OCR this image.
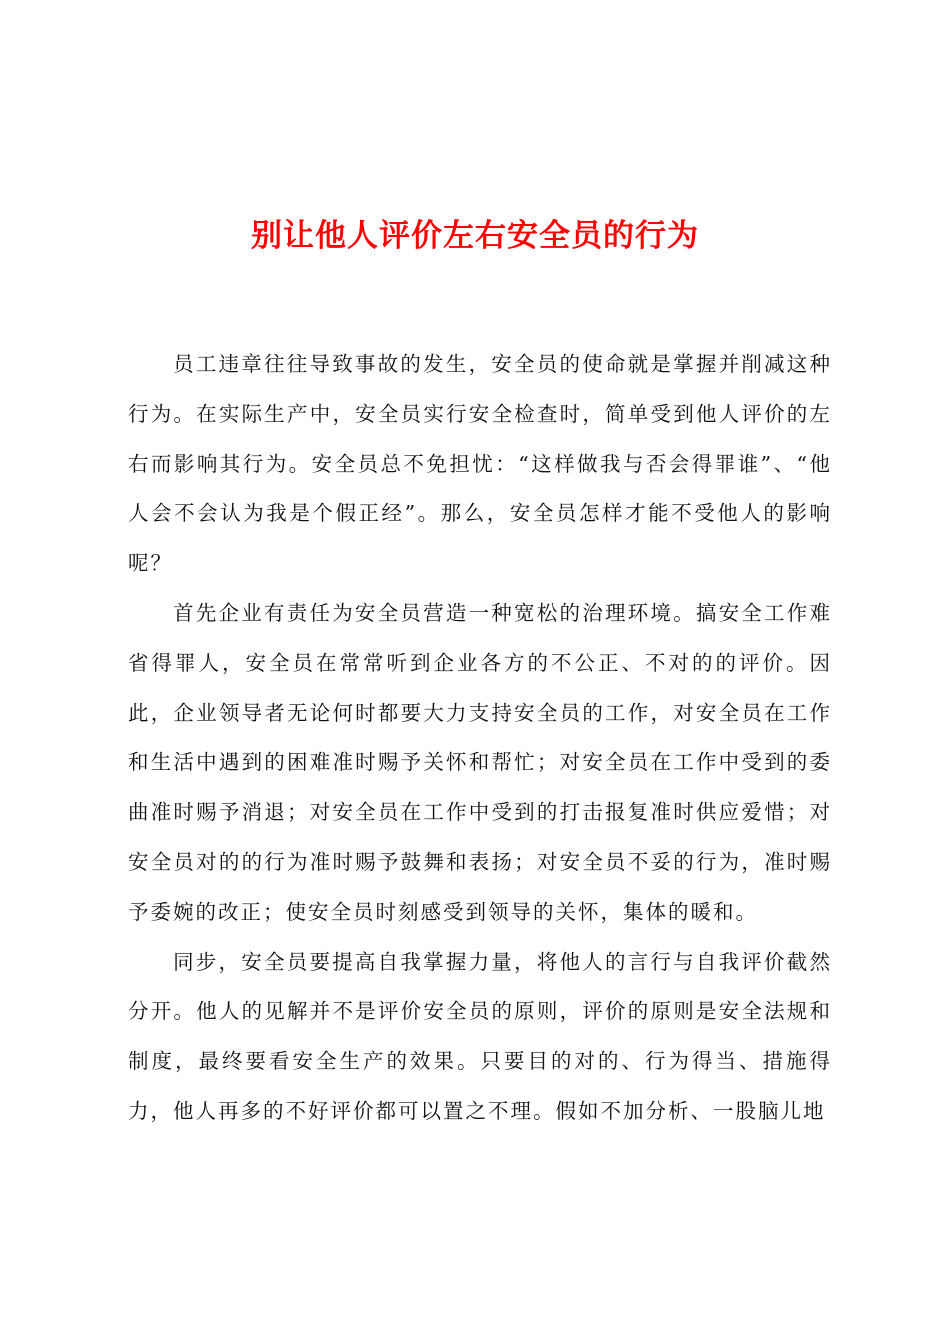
别让他人评价左右安全员的行为

员工违章往往导致事故的发生，安全员的使命就是掌握并削减这种行为。在实际生产中，安全员实行安全检查时，简单受到他人评价的左右而影响其行为。安全员总不免担忧：“这样做我与否会得罪谁”、“他人会不会认为我是个假正经”。那么，安全员怎样才能不受他人的影响呢？

首先企业有责任为安全员营造一种宽松的治理环境。搞安全工作难省得罪人，安全员在常常听到企业各方的不公正、不对的的评价。因此，企业领导者无论何时都要大力支持安全员的工作，对安全员在工作和生活中遇到的困难准时赐予关怀和帮忙；对安全员在工作中受到的委曲准时赐予消退；对安全员在工作中受到的打击报复准时供应爱惜；对安全员对的的行为准时赐予鼓舞和表扬；对安全员不妥的行为，准时赐予委婉的改正；使安全员时刻感受到领导的关怀，集体的暖和。

同步，安全员要提高自我掌握力量，将他人的言行与自我评价截然分开。他人的见解并不是评价安全员的原则，评价的原则是安全法规和制度，最终要看安全生产的效果。只要目的对的、行为得当、措施得力，他人再多的不好评价都可以置之不理。假如不加分析、一股脑儿地
